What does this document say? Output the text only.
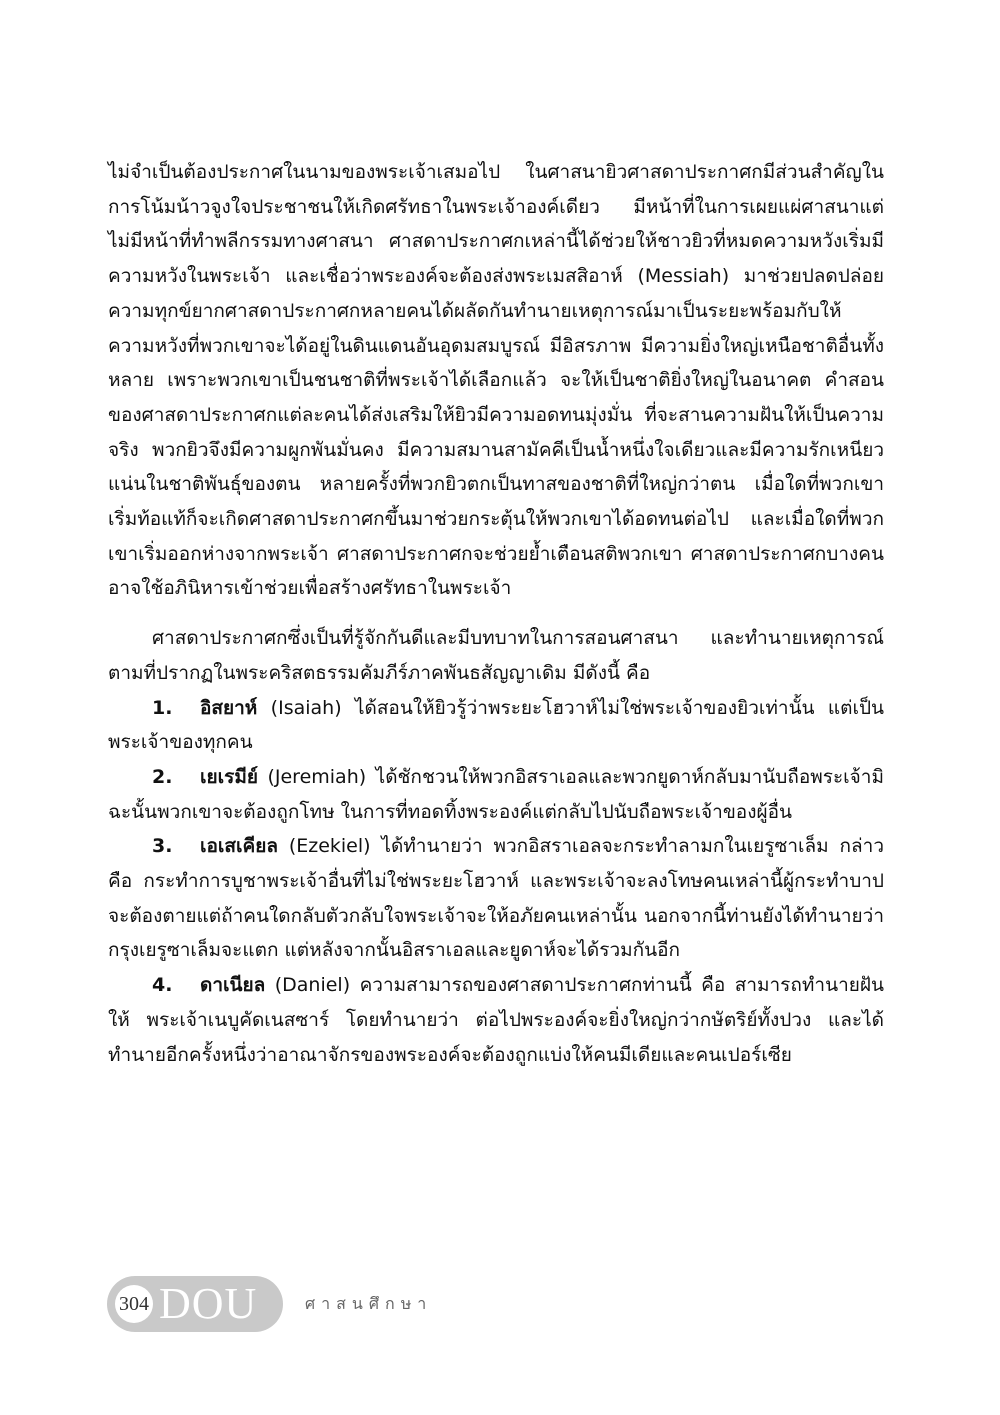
ไม่จำเป็นต้องประกาศในนามของพระเจ้าเสมอไป ในศาสนายิวศาสดาประกาศกมีส่วนสำคัญในการโน้มน้าวจูงใจประชาชนให้เกิดศรัทธาในพระเจ้าองค์เดียว มีหน้าที่ในการเผยแผ่ศาสนาแต่ไม่มีหน้าที่ทำพลีกรรมทางศาสนา ศาสดาประกาศกเหล่านี้ได้ช่วยให้ชาวยิวที่หมดความหวังเริ่มมีความหวังในพระเจ้า และเชื่อว่าพระองค์จะต้องส่งพระเมสสิอาห์ (Messiah) มาช่วยปลดปล่อยความทุกข์ยากศาสดาประกาศกหลายคนได้ผลัดกันทำนายเหตุการณ์มาเป็นระยะพร้อมกับให้ความหวังที่พวกเขาจะได้อยู่ในดินแดนอันอุดมสมบูรณ์ มีอิสรภาพ มีความยิ่งใหญ่เหนือชาติอื่นทั้งหลาย เพราะพวกเขาเป็นชนชาติที่พระเจ้าได้เลือกแล้ว จะให้เป็นชาติยิ่งใหญ่ในอนาคต คำสอนของศาสดาประกาศกแต่ละคนได้ส่งเสริมให้ยิวมีความอดทนมุ่งมั่น ที่จะสานความฝันให้เป็นความจริง พวกยิวจึงมีความผูกพันมั่นคง มีความสมานสามัคคีเป็นน้ำหนึ่งใจเดียวและมีความรักเหนียวแน่นในชาติพันธุ์ของตน หลายครั้งที่พวกยิวตกเป็นทาสของชาติที่ใหญ่กว่าตน เมื่อใดที่พวกเขาเริ่มท้อแท้ก็จะเกิดศาสดาประกาศกขึ้นมาช่วยกระตุ้นให้พวกเขาได้อดทนต่อไป และเมื่อใดที่พวกเขาเริ่มออกห่างจากพระเจ้า ศาสดาประกาศกจะช่วยย้ำเตือนสติพวกเขา ศาสดาประกาศกบางคนอาจใช้อภินิหารเข้าช่วยเพื่อสร้างศรัทธาในพระเจ้า

ศาสดาประกาศกซึ่งเป็นที่รู้จักกันดีและมีบทบาทในการสอนศาสนา และทำนายเหตุการณ์ตามที่ปรากฏในพระคริสตธรรมคัมภีร์ภาคพันธสัญญาเดิม มีดังนี้ คือ

1. อิสยาห์ (Isaiah) ได้สอนให้ยิวรู้ว่าพระยะโฮวาห์ไม่ใช่พระเจ้าของยิวเท่านั้น แต่เป็นพระเจ้าของทุกคน

2. เยเรมีย์ (Jeremiah) ได้ชักชวนให้พวกอิสราเอลและพวกยูดาห์กลับมานับถือพระเจ้ามิฉะนั้นพวกเขาจะต้องถูกโทษ ในการที่ทอดทิ้งพระองค์แต่กลับไปนับถือพระเจ้าของผู้อื่น

3. เอเสเคียล (Ezekiel) ได้ทำนายว่า พวกอิสราเอลจะกระทำลามกในเยรูซาเล็ม กล่าวคือ กระทำการบูชาพระเจ้าอื่นที่ไม่ใช่พระยะโฮวาห์ และพระเจ้าจะลงโทษคนเหล่านี้ผู้กระทำบาปจะต้องตายแต่ถ้าคนใดกลับตัวกลับใจพระเจ้าจะให้อภัยคนเหล่านั้น นอกจากนี้ท่านยังได้ทำนายว่ากรุงเยรูซาเล็มจะแตก แต่หลังจากนั้นอิสราเอลและยูดาห์จะได้รวมกันอีก

4. ดาเนียล (Daniel) ความสามารถของศาสดาประกาศกท่านนี้ คือ สามารถทำนายฝันให้ พระเจ้าเนบูคัดเนสซาร์ โดยทำนายว่า ต่อไปพระองค์จะยิ่งใหญ่กว่ากษัตริย์ทั้งปวง และได้ทำนายอีกครั้งหนึ่งว่าอาณาจักรของพระองค์จะต้องถูกแบ่งให้คนมีเดียและคนเปอร์เซีย

304 DOU	ศาสนศึกษา
